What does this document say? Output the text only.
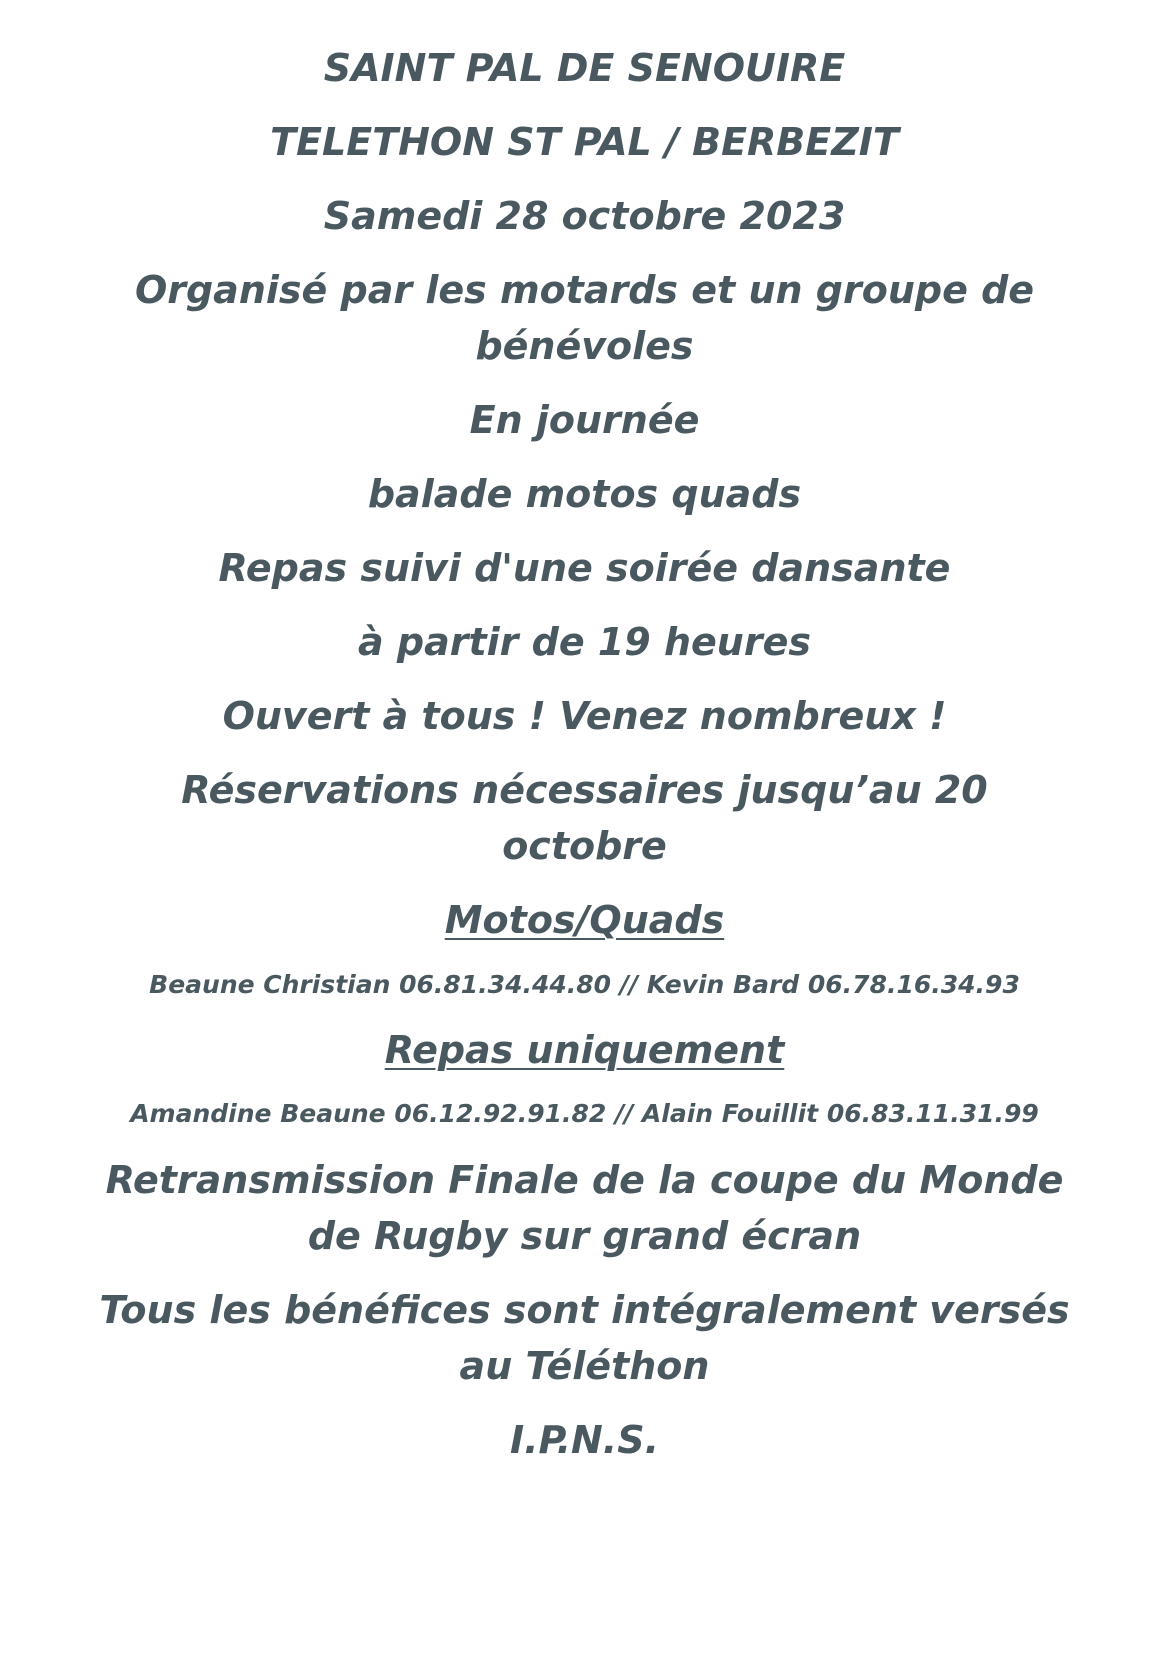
SAINT PAL DE SENOUIRE

TELETHON ST PAL / BERBEZIT

Samedi 28 octobre 2023

Organisé par les motards et un groupe de

bénévoles

En journée

balade motos quads

Repas suivi d'une soirée dansante

à partir de 19 heures

Ouvert à tous ! Venez nombreux !

Réservations nécessaires jusqu’au 20

octobre

Motos/Quads

Beaune Christian 06.81.34.44.80 // Kevin Bard 06.78.16.34.93

Repas uniquement

Amandine Beaune 06.12.92.91.82 // Alain Fouillit 06.83.11.31.99

Retransmission Finale de la coupe du Monde

de Rugby sur grand écran

Tous les bénéfices sont intégralement versés

au Téléthon

I.P.N.S.
